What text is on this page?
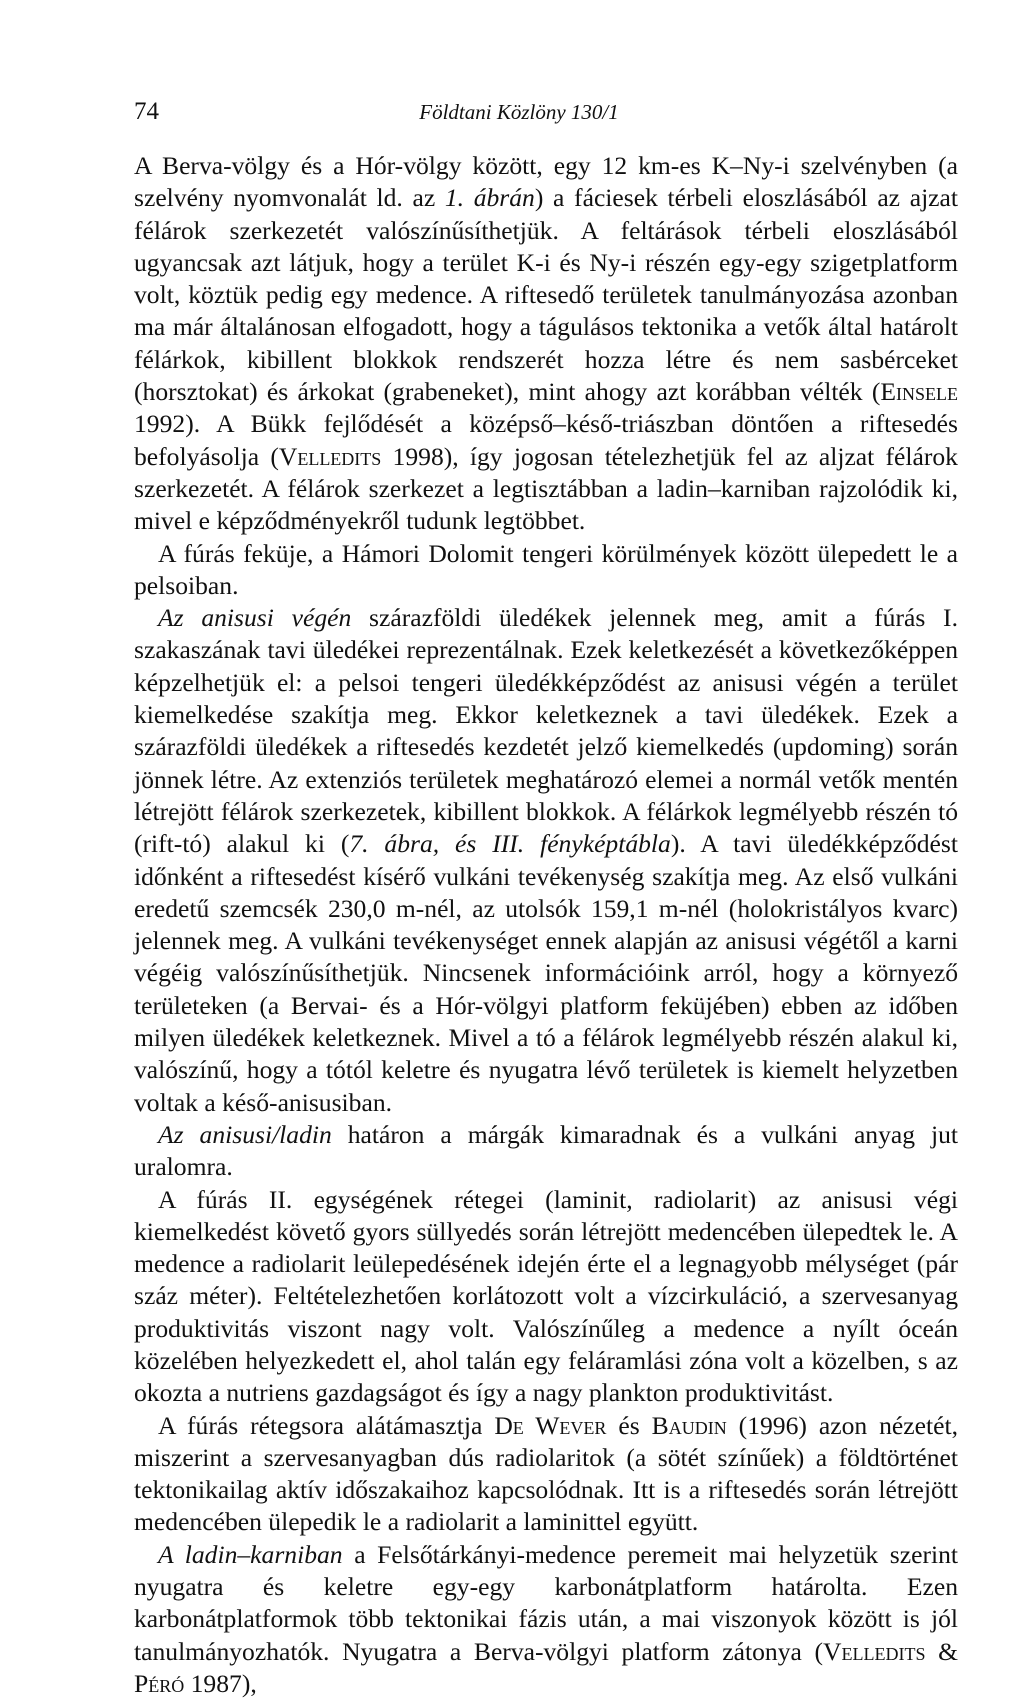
74	Földtani Közlöny 130/1

A Berva-völgy és a Hór-völgy között, egy 12 km-es K–Ny-i szelvényben (a szelvény nyomvonalát ld. az 1. ábrán) a fáciesek térbeli eloszlásából az ajzat félárok szerkezetét valószínűsíthetjük. A feltárások térbeli eloszlásából ugyancsak azt látjuk, hogy a terület K-i és Ny-i részén egy-egy szigetplatform volt, köztük pedig egy medence. A riftesedő területek tanulmányozása azonban ma már általánosan elfogadott, hogy a tágulásos tektonika a vetők által határolt félárkok, kibillent blokkok rendszerét hozza létre és nem sasbérceket (horsztokat) és árkokat (grabeneket), mint ahogy azt korábban vélték (Einsele 1992). A Bükk fejlődését a középső–késő-triászban döntően a riftesedés befolyásolja (Velledits 1998), így jogosan tételezhetjük fel az aljzat félárok szerkezetét. A félárok szerkezet a legtisztábban a ladin–karniban rajzolódik ki, mivel e képződményekről tudunk legtöbbet.

A fúrás feküje, a Hámori Dolomit tengeri körülmények között ülepedett le a pelsoiban.

Az anisusi végén szárazföldi üledékek jelennek meg, amit a fúrás I. szakaszának tavi üledékei reprezentálnak. Ezek keletkezését a következőképpen képzelhetjük el: a pelsoi tengeri üledékképződést az anisusi végén a terület kiemelkedése szakítja meg. Ekkor keletkeznek a tavi üledékek. Ezek a szárazföldi üledékek a riftesedés kezdetét jelző kiemelkedés (updoming) során jönnek létre. Az extenziós területek meghatározó elemei a normál vetők mentén létrejött félárok szerkezetek, kibillent blokkok. A félárkok legmélyebb részén tó (rift-tó) alakul ki (7. ábra, és III. fényképtábla). A tavi üledékképződést időnként a riftesedést kísérő vulkáni tevékenység szakítja meg. Az első vulkáni eredetű szemcsék 230,0 m-nél, az utolsók 159,1 m-nél (holokristályos kvarc) jelennek meg. A vulkáni tevékenységet ennek alapján az anisusi végétől a karni végéig valószínűsíthetjük. Nincsenek információink arról, hogy a környező területeken (a Bervai- és a Hór-völgyi platform feküjében) ebben az időben milyen üledékek keletkeznek. Mivel a tó a félárok legmélyebb részén alakul ki, valószínű, hogy a tótól keletre és nyugatra lévő területek is kiemelt helyzetben voltak a késő-anisusiban.

Az anisusi/ladin határon a márgák kimaradnak és a vulkáni anyag jut uralomra.

A fúrás II. egységének rétegei (laminit, radiolarit) az anisusi végi kiemelkedést követő gyors süllyedés során létrejött medencében ülepedtek le. A medence a radiolarit leülepedésének idején érte el a legnagyobb mélységet (pár száz méter). Feltételezhetően korlátozott volt a vízcirkuláció, a szervesanyag produktivitás viszont nagy volt. Valószínűleg a medence a nyílt óceán közelében helyezkedett el, ahol talán egy feláramlási zóna volt a közelben, s az okozta a nutriens gazdagságot és így a nagy plankton produktivitást.

A fúrás rétegsora alátámasztja De Wever és Baudin (1996) azon nézetét, miszerint a szervesanyagban dús radiolaritok (a sötét színűek) a földtörténet tektonikailag aktív időszakaihoz kapcsolódnak. Itt is a riftesedés során létrejött medencében ülepedik le a radiolarit a laminittel együtt.

A ladin–karniban a Felsőtárkányi-medence peremeit mai helyzetük szerint nyugatra és keletre egy-egy karbonátplatform határolta. Ezen karbonátplatformok több tektonikai fázis után, a mai viszonyok között is jól tanulmányozhatók. Nyugatra a Berva-völgyi platform zátonya (Velledits & Péró 1987),
